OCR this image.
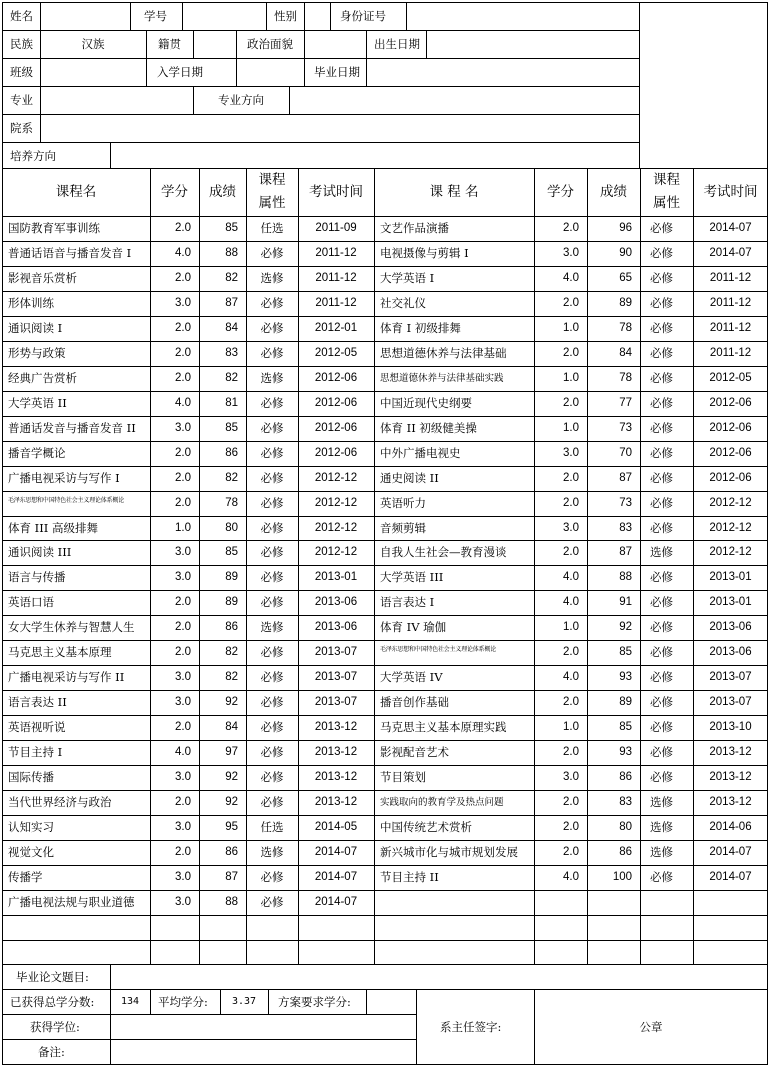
姓名	学号	性别	身份证号
民族	汉族	籍贯	政治面貌	出生日期
班级	入学日期	毕业日期
专业	专业方向
院系
培养方向
课程名	学分	成绩
课程
属性
考试时间	课 程 名	学分	成绩
课程
属性
考试时间
国防教育军事训练	2.0	85	任选	2011-09
普通话语音与播音发音 I	4.0	88	必修	2011-12
影视音乐赏析	2.0	82	选修	2011-12
形体训练	3.0	87	必修	2011-12
通识阅读 I	2.0	84	必修	2012-01
形势与政策	2.0	83	必修	2012-05
经典广告赏析	2.0	82	选修	2012-06
大学英语 II	4.0	81	必修	2012-06
普通话发音与播音发音 II	3.0	85	必修	2012-06
播音学概论	2.0	86	必修	2012-06
广播电视采访与写作 I	2.0	82	必修	2012-12
毛泽东思想和中国特色社会主义理论体系概论	2.0	78	必修	2012-12
体育 III 高级排舞	1.0	80	必修	2012-12
通识阅读 III	3.0	85	必修	2012-12
语言与传播	3.0	89	必修	2013-01
英语口语	2.0	89	必修	2013-06
女大学生休养与智慧人生	2.0	86	选修	2013-06
马克思主义基本原理	2.0	82	必修	2013-07
广播电视采访与写作 II	3.0	82	必修	2013-07
语言表达 II	3.0	92	必修	2013-07
英语视听说	2.0	84	必修	2013-12
节目主持 I	4.0	97	必修	2013-12
国际传播	3.0	92	必修	2013-12
当代世界经济与政治	2.0	92	必修	2013-12
认知实习	3.0	95	任选	2014-05
视觉文化	2.0	86	选修	2014-07
传播学	3.0	87	必修	2014-07
广播电视法规与职业道德	3.0	88	必修	2014-07
文艺作品演播	2.0	96 必修	2014-07
电视摄像与剪辑 I	3.0	90 必修	2014-07
大学英语 I	4.0	65 必修	2011-12
社交礼仪	2.0	89 必修	2011-12
体育 I 初级排舞	1.0	78 必修	2011-12
思想道德休养与法律基础	2.0	84 必修	2011-12
思想道德休养与法律基础实践	1.0	78 必修	2012-05
中国近现代史纲要	2.0	77 必修	2012-06
体育 II 初级健美操	1.0	73 必修	2012-06
中外广播电视史	3.0	70 必修	2012-06
通史阅读 II	2.0	87 必修	2012-06
英语听力	2.0	73 必修	2012-12
音频剪辑	3.0	83 必修	2012-12
自我人生社会—教育漫谈	2.0	87 选修	2012-12
大学英语 III	4.0	88 必修	2013-01
语言表达 I	4.0	91 必修	2013-01
体育 IV 瑜伽	1.0	92 必修	2013-06
毛泽东思想和中国特色社会主义理论体系概论	2.0	85 必修	2013-06
大学英语 IV	4.0	93 必修	2013-07
播音创作基础	2.0	89 必修	2013-07
马克思主义基本原理实践	1.0	85 必修	2013-10
影视配音艺术	2.0	93 必修	2013-12
节目策划	3.0	86 必修	2013-12
实践取向的教育学及热点问题	2.0	83 选修	2013-12
中国传统艺术赏析	2.0	80 选修	2014-06
新兴城市化与城市规划发展	2.0	86 选修	2014-07
节目主持 II	4.0	100 必修	2014-07
毕业论文题目:
已获得总学分数:	134	平均学分:	3.37	方案要求学分:
获得学位:	系主任签字:	公章
备注:
